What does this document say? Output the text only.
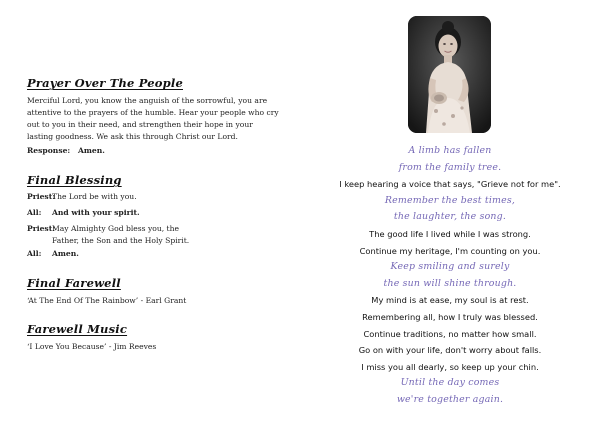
Prayer Over The People
Merciful Lord, you know the anguish of the sorrowful, you are attentive to the prayers of the humble. Hear your people who cry out to you in their need, and strengthen their hope in your lasting goodness. We ask this through Christ our Lord.
Response:	Amen.
Final Blessing
Priest:
The Lord be with you.
All:	And with your spirit.
Priest:
May Almighty God bless you, the Father, the Son and the Holy Spirit.
All:	Amen.
Final Farewell
‘At The End Of The Rainbow’ - Earl Grant
Farewell Music
‘I Love You Because’ - Jim Reeves
A limb has fallen
from the family tree.
I keep hearing a voice that says, "Grieve not for me".
Remember the best times,
the laughter, the song.
The good life I lived while I was strong.
Continue my heritage, I'm counting on you.
Keep smiling and surely
the sun will shine through.
My mind is at ease, my soul is at rest.
Remembering all, how I truly was blessed.
Continue traditions, no matter how small.
Go on with your life, don't worry about falls.
I miss you all dearly, so keep up your chin.
Until the day comes
we're together again.
